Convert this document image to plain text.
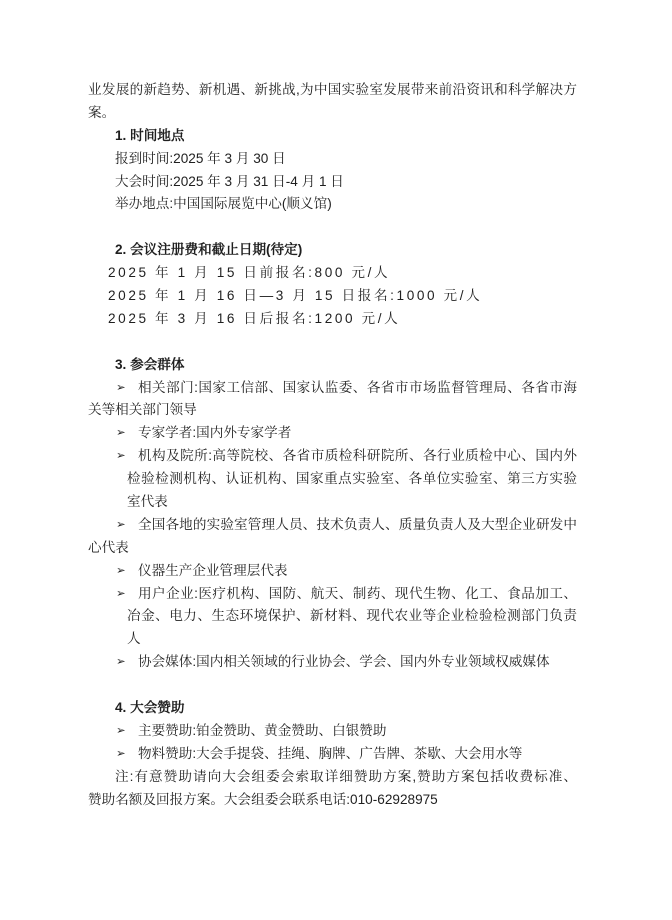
业发展的新趋势、新机遇、新挑战,为中国实验室发展带来前沿资讯和科学解决方
案。
1. 时间地点
报到时间:2025 年 3 月 30 日
大会时间:2025 年 3 月 31 日-4 月 1 日
举办地点:中国国际展览中心(顺义馆)
2. 会议注册费和截止日期(待定)
2025 年 1 月 15 日前报名:800 元/人
2025 年 1 月 16 日—3 月 15 日报名:1000 元/人
2025 年 3 月 16 日后报名:1200 元/人
3. 参会群体
➢ 相关部门:国家工信部、国家认监委、各省市市场监督管理局、各省市海
关等相关部门领导
➢ 专家学者:国内外专家学者
➢ 机构及院所:高等院校、各省市质检科研院所、各行业质检中心、国内外
检验检测机构、认证机构、国家重点实验室、各单位实验室、第三方实验
室代表
➢ 全国各地的实验室管理人员、技术负责人、质量负责人及大型企业研发中
心代表
➢ 仪器生产企业管理层代表
➢ 用户企业:医疗机构、国防、航天、制药、现代生物、化工、食品加工、
冶金、电力、生态环境保护、新材料、现代农业等企业检验检测部门负责
人
➢ 协会媒体:国内相关领域的行业协会、学会、国内外专业领域权威媒体
4. 大会赞助
➢ 主要赞助:铂金赞助、黄金赞助、白银赞助
➢ 物料赞助:大会手提袋、挂绳、胸牌、广告牌、茶歇、大会用水等
注:有意赞助请向大会组委会索取详细赞助方案,赞助方案包括收费标准、
赞助名额及回报方案。大会组委会联系电话:010-62928975
